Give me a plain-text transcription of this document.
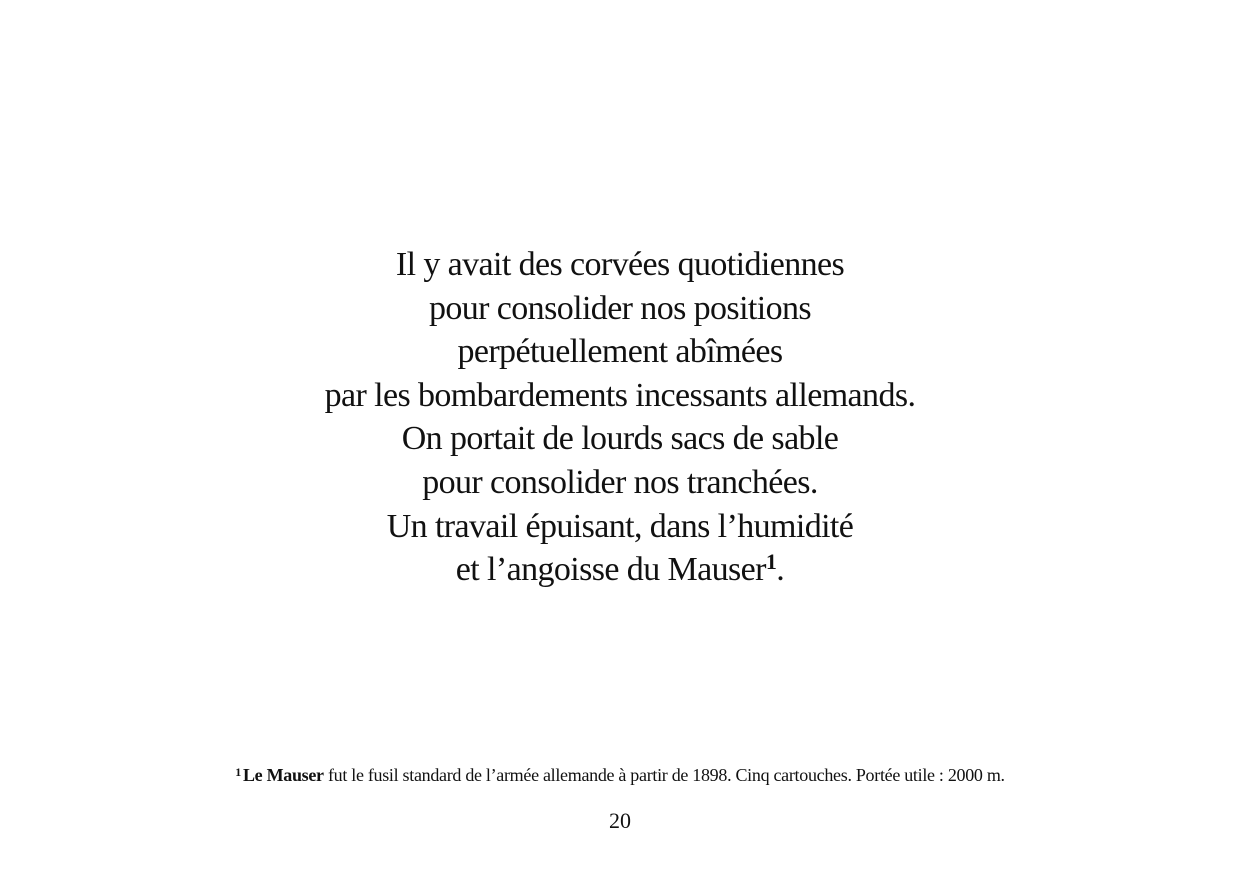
Il y avait des corvées quotidiennes
pour consolider nos positions
perpétuellement abîmées
par les bombardements incessants allemands.
On portait de lourds sacs de sable
pour consolider nos tranchées.
Un travail épuisant, dans l’humidité
et l’angoisse du Mauser$^1$.
$^1$ Le Mauser fut le fusil standard de l’armée allemande à partir de 1898. Cinq cartouches. Portée utile : 2000 m.
20
